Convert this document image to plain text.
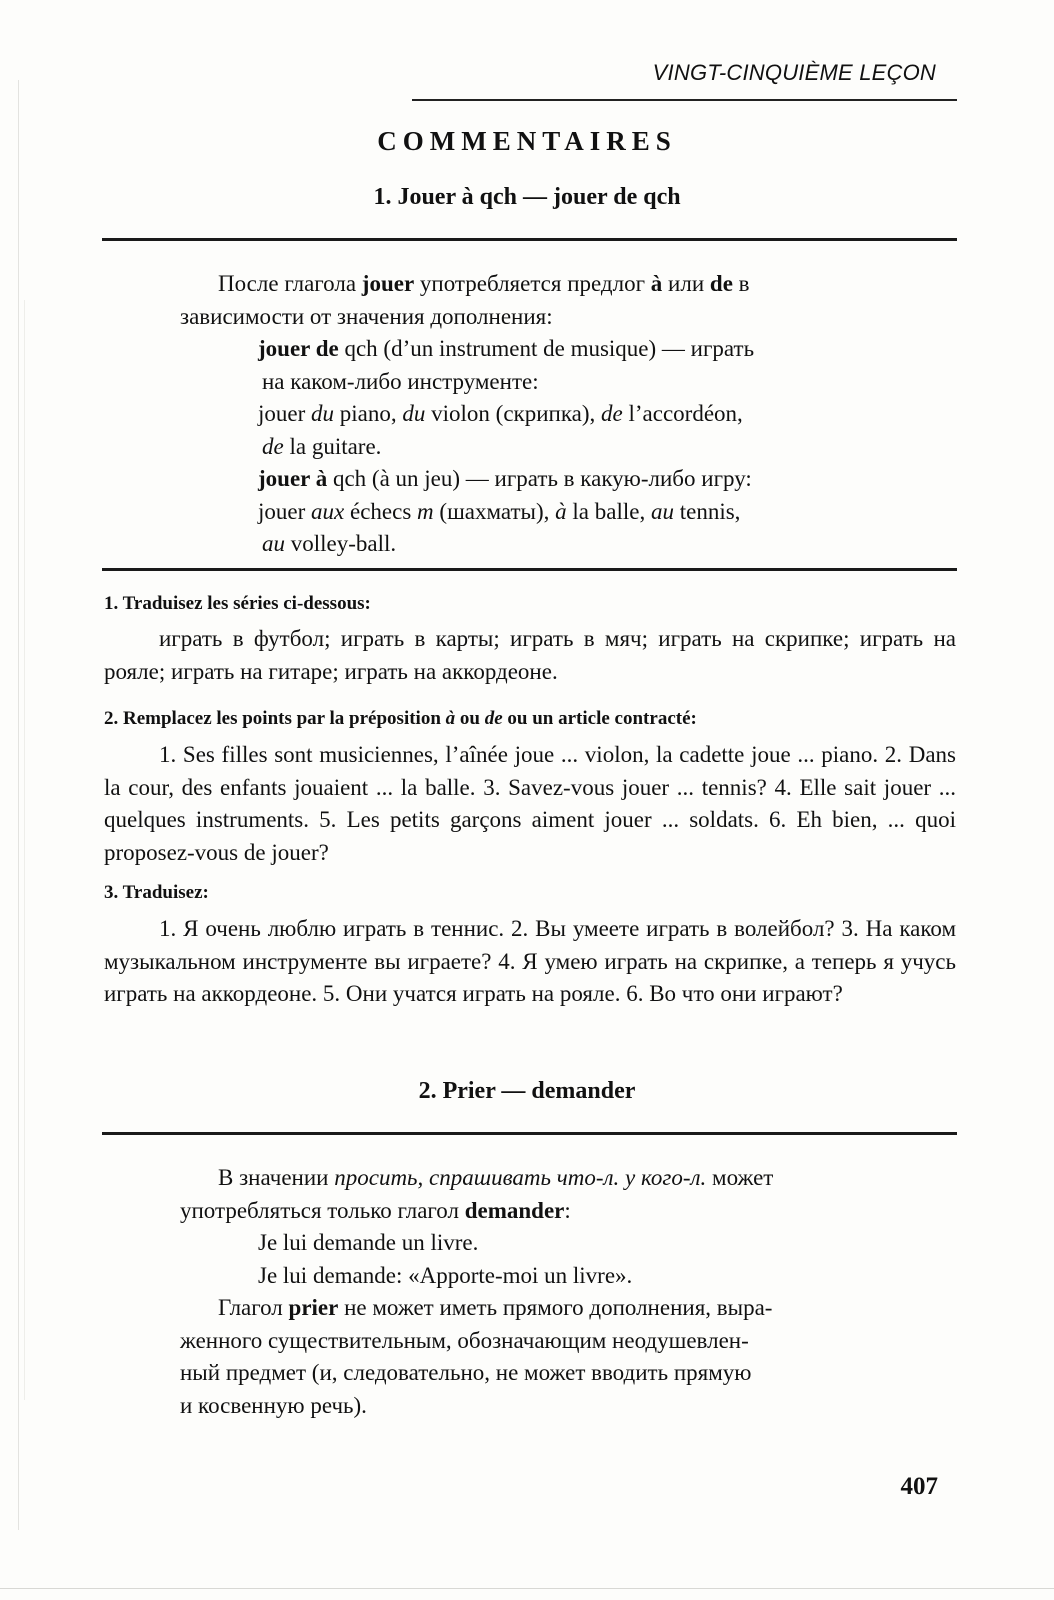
VINGT-CINQUIÈME LEÇON
COMMENTAIRES
1. Jouer à qch — jouer de qch

После глагола jouer употребляется предлог à или de в

зависимости от значения дополнения:

jouer de qch (d’un instrument de musique) — играть

на каком-либо инструменте:

jouer du piano, du violon (скрипка), de l’accordéon,

de la guitare.

jouer à qch (à un jeu) — играть в какую-либо игру:

jouer aux échecs m (шахматы), à la balle, au tennis,

au volley-ball.

1. Traduisez les séries ci-dessous:
играть в футбол; играть в карты; играть в мяч; играть на скрипке; играть на рояле; играть на гитаре; играть на аккордеоне.
2. Remplacez les points par la préposition à ou de ou un article contracté:
1. Ses filles sont musiciennes, l’aînée joue ... violon, la cadette joue ... piano. 2. Dans la cour, des enfants jouaient ... la balle. 3. Savez-vous jouer ... tennis? 4. Elle sait jouer ... quelques instruments. 5. Les petits garçons aiment jouer ... soldats. 6. Eh bien, ... quoi proposez-vous de jouer?
3. Traduisez:
1. Я очень люблю играть в теннис. 2. Вы умеете играть в волейбол? 3. На каком музыкальном инструменте вы играете? 4. Я умею играть на скрипке, а теперь я учусь играть на аккордеоне. 5. Они учатся играть на рояле. 6. Во что они играют?
2. Prier — demander

В значении просить, спрашивать что-л. у кого-л. может

употребляться только глагол demander:

Je lui demande un livre.

Je lui demande: «Apporte-moi un livre».

Глагол prier не может иметь прямого дополнения, выра-

женного существительным, обозначающим неодушевлен-

ный предмет (и, следовательно, не может вводить прямую

и косвенную речь).

407
